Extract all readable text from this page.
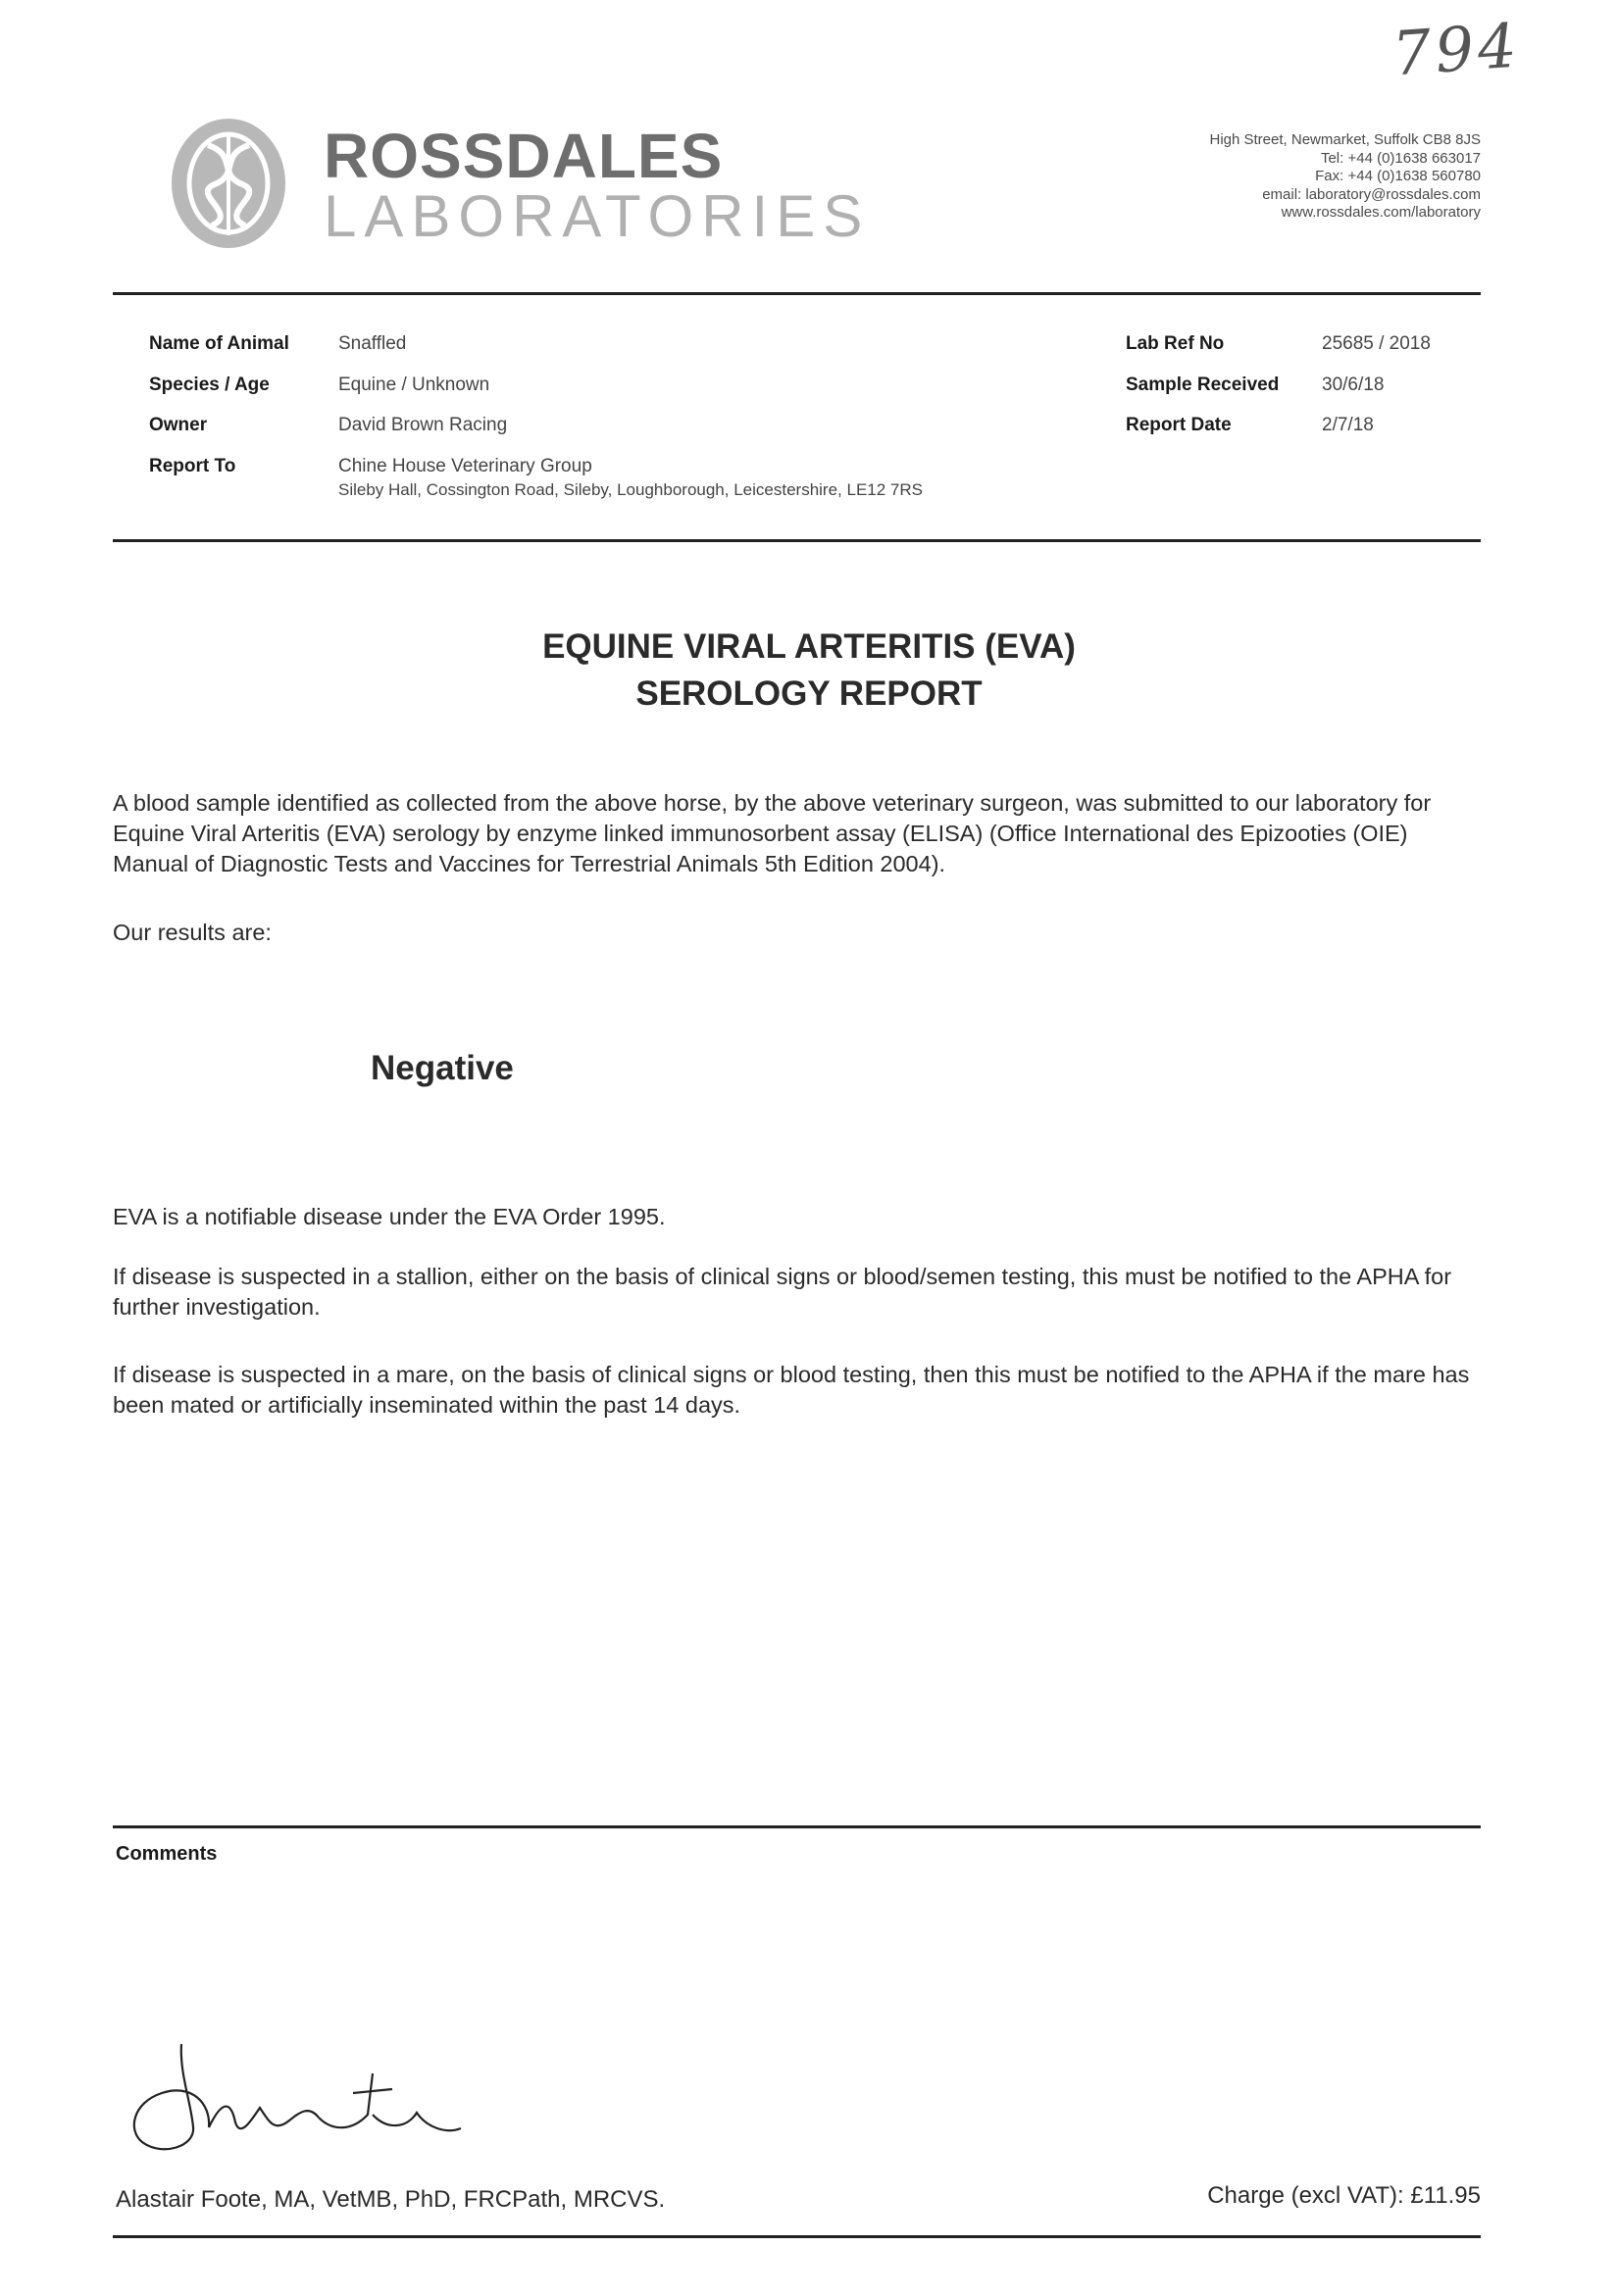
794
ROSSDALES
LABORATORIES
High Street, Newmarket, Suffolk CB8 8JS
Tel: +44 (0)1638 663017
Fax: +44 (0)1638 560780
email: laboratory@rossdales.com
www.rossdales.com/laboratory
Name of Animal	Snaffled
Species / Age	Equine / Unknown
Owner	David Brown Racing
Report To	Chine House Veterinary Group
Sileby Hall, Cossington Road, Sileby, Loughborough, Leicestershire, LE12 7RS
Lab Ref No	25685 / 2018
Sample Received 30/6/18
Report Date	2/7/18
EQUINE VIRAL ARTERITIS (EVA)
SEROLOGY REPORT
A blood sample identified as collected from the above horse, by the above veterinary surgeon, was submitted to our laboratory for Equine Viral Arteritis (EVA) serology by enzyme linked immunosorbent assay (ELISA) (Office International des Epizooties (OIE) Manual of Diagnostic Tests and Vaccines for Terrestrial Animals 5th Edition 2004).
Our results are:
Negative
EVA is a notifiable disease under the EVA Order 1995.
If disease is suspected in a stallion, either on the basis of clinical signs or blood/semen testing, this must be notified to the APHA for further investigation.
If disease is suspected in a mare, on the basis of clinical signs or blood testing, then this must be notified to the APHA if the mare has been mated or artificially inseminated within the past 14 days.
Comments
Alastair Foote, MA, VetMB, PhD, FRCPath, MRCVS.	Charge (excl VAT): £11.95
